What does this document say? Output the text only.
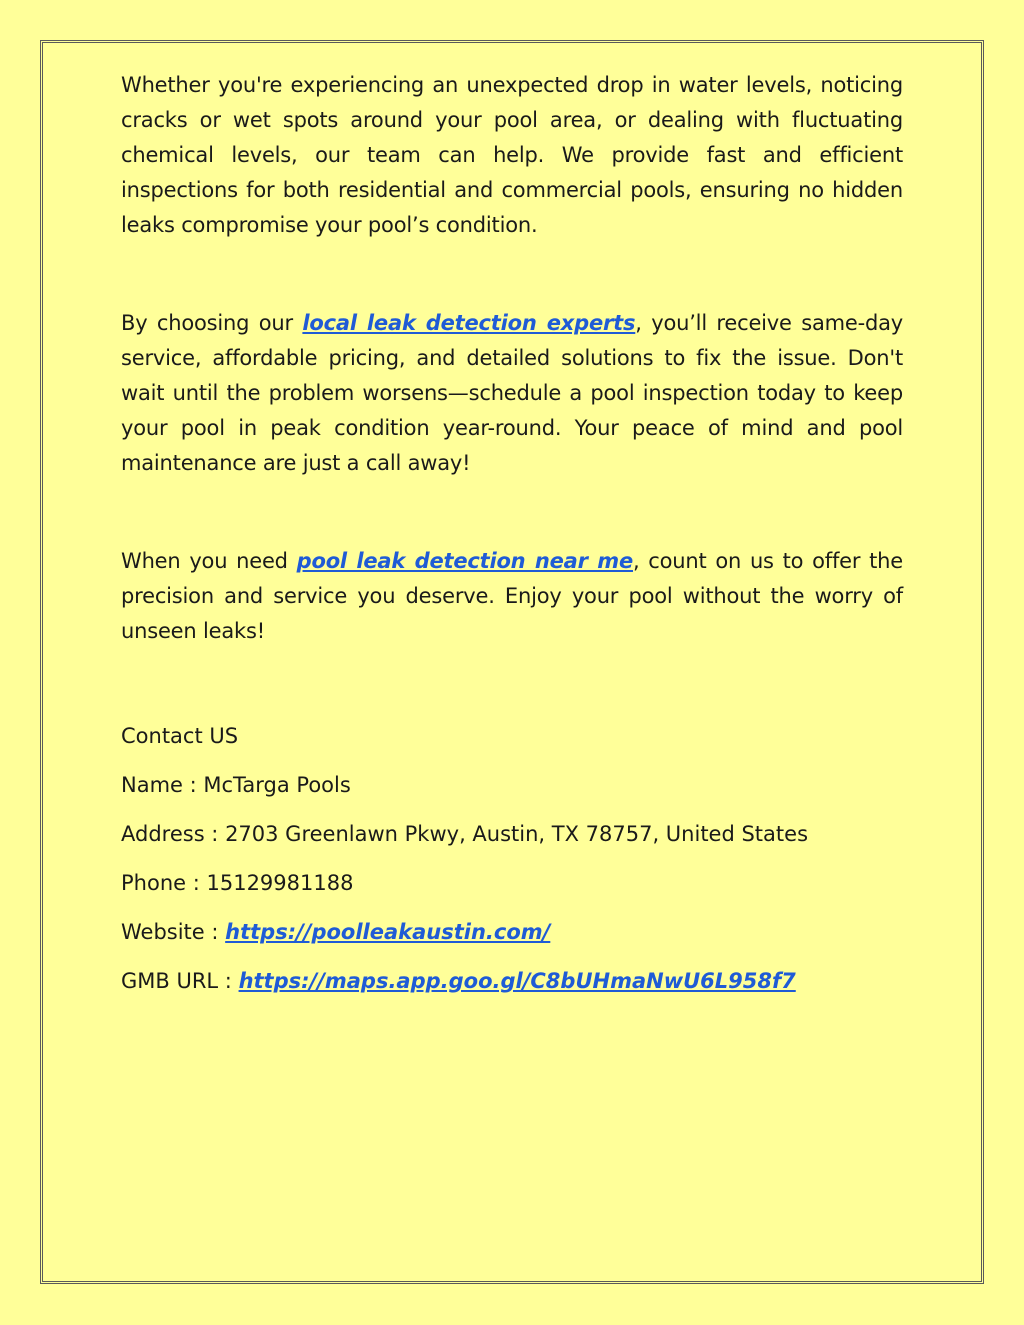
Whether you're experiencing an unexpected drop in water levels, noticing cracks or wet spots around your pool area, or dealing with fluctuating chemical levels, our team can help. We provide fast and efficient inspections for both residential and commercial pools, ensuring no hidden leaks compromise your pool’s condition.

By choosing our local leak detection experts, you’ll receive same-day service, affordable pricing, and detailed solutions to fix the issue. Don't wait until the problem worsens—schedule a pool inspection today to keep your pool in peak condition year-round. Your peace of mind and pool maintenance are just a call away!

When you need pool leak detection near me, count on us to offer the precision and service you deserve. Enjoy your pool without the worry of unseen leaks!

Contact US

Name : McTarga Pools

Address : 2703 Greenlawn Pkwy, Austin, TX 78757, United States

Phone : 15129981188

Website : https://poolleakaustin.com/

GMB URL : https://maps.app.goo.gl/C8bUHmaNwU6L958f7
